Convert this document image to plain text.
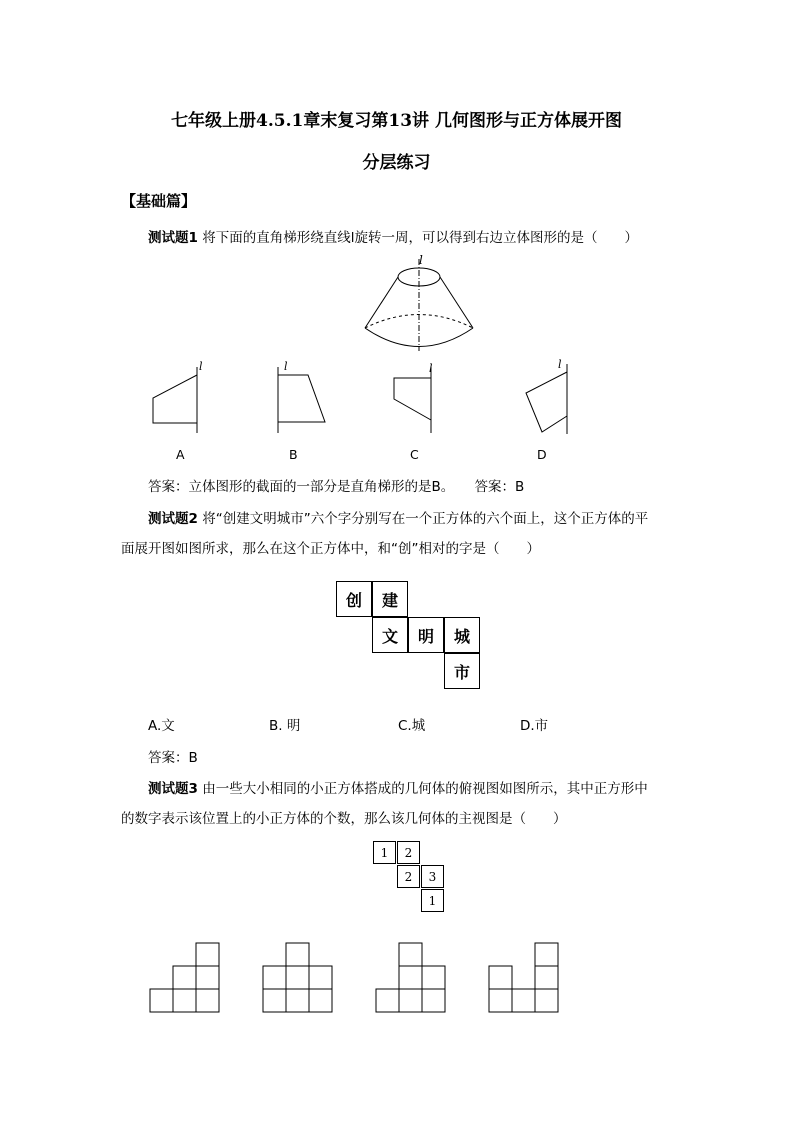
七年级上册4.5.1章末复习第13讲 几何图形与正方体展开图
分层练习
【基础篇】
测试题1 将下面的直角梯形绕直线l旋转一周，可以得到右边立体图形的是（　　）
l
l	l	l	l
A	B	C	D
答案：立体图形的截面的一部分是直角梯形的是B。　　答案：B
测试题2 将“创建文明城市”六个字分别写在一个正方体的六个面上，这个正方体的平
面展开图如图所求，那么在这个正方体中，和“创”相对的字是（　　）
创	建
文	明	城
市
A.文	B. 明	C.城	D.市
答案：B
测试题3 由一些大小相同的小正方体搭成的几何体的俯视图如图所示，其中正方形中
的数字表示该位置上的小正方体的个数，那么该几何体的主视图是（　　）
1	2
2	3
1
